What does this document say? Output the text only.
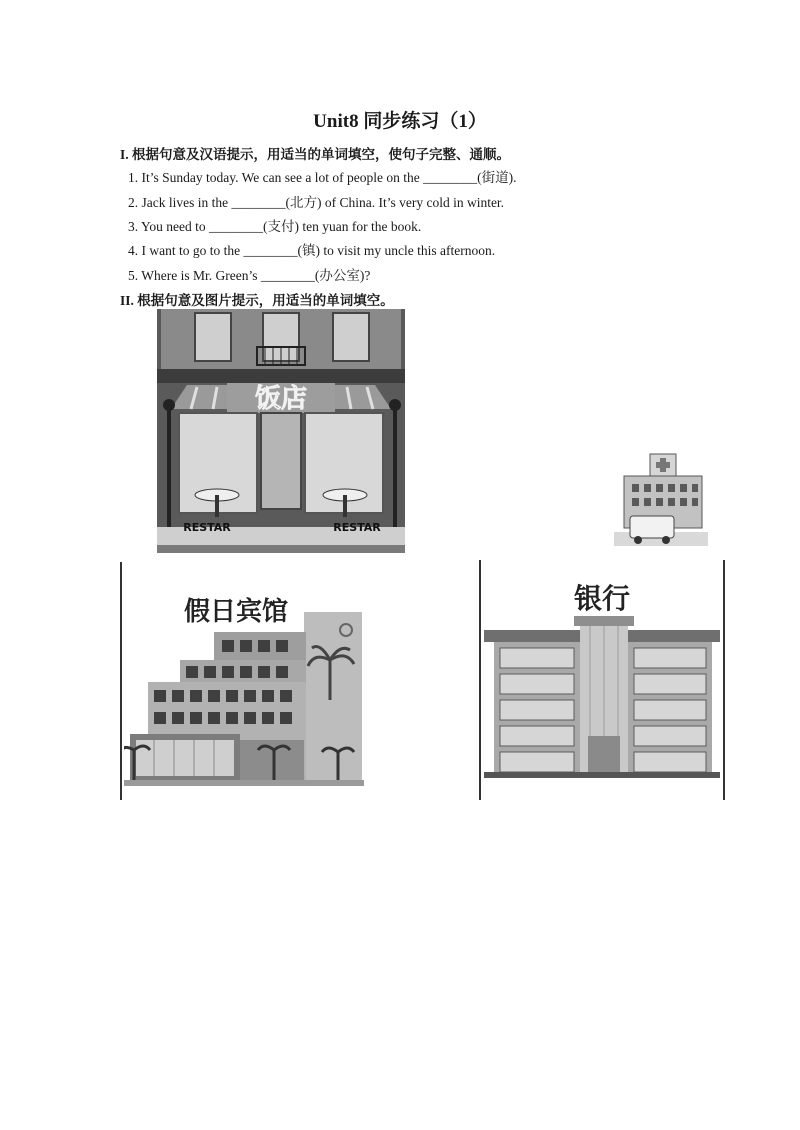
Unit8 同步练习（1）
I. 根据句意及汉语提示，用适当的单词填空，使句子完整、通顺。
1. It’s Sunday today. We can see a lot of people on the ________(街道).
2. Jack lives in the ________(北方) of China. It’s very cold in winter.
3. You need to ________(支付) ten yuan for the book.
4. I want to go to the ________(镇) to visit my uncle this afternoon.
5. Where is Mr. Green’s ________(办公室)?
II. 根据句意及图片提示，用适当的单词填空。
饭店
RESTAR	RESTAR
假日宾馆	银行
